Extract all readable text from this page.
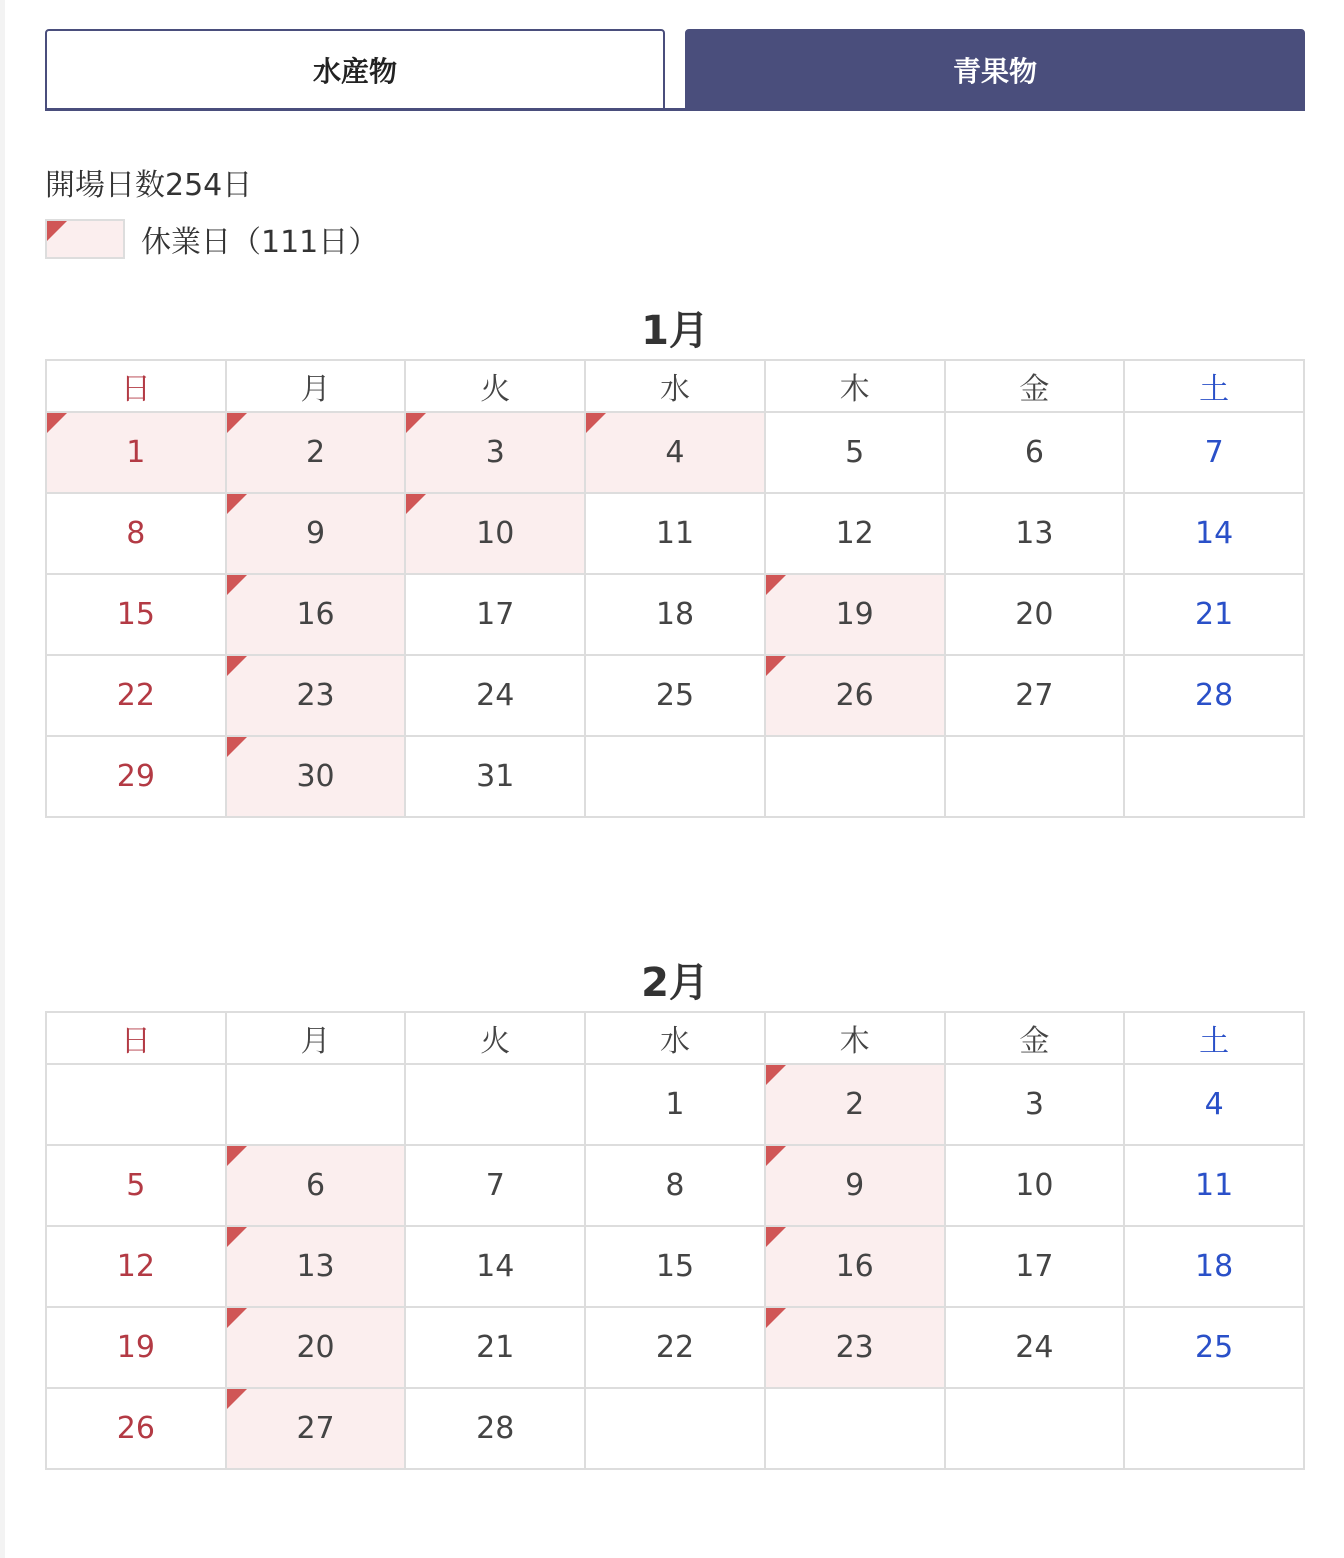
水産物	青果物
開場日数254日
休業日（111日）
1月
日	月	火	水	木	金	土
1	2	3	4	5	6	7
8	9	10	11	12	13	14
15	16	17	18	19	20	21
22	23	24	25	26	27	28
29	30	31				
2月
日	月	火	水	木	金	土
			1	2	3	4
5	6	7	8	9	10	11
12	13	14	15	16	17	18
19	20	21	22	23	24	25
26	27	28				
